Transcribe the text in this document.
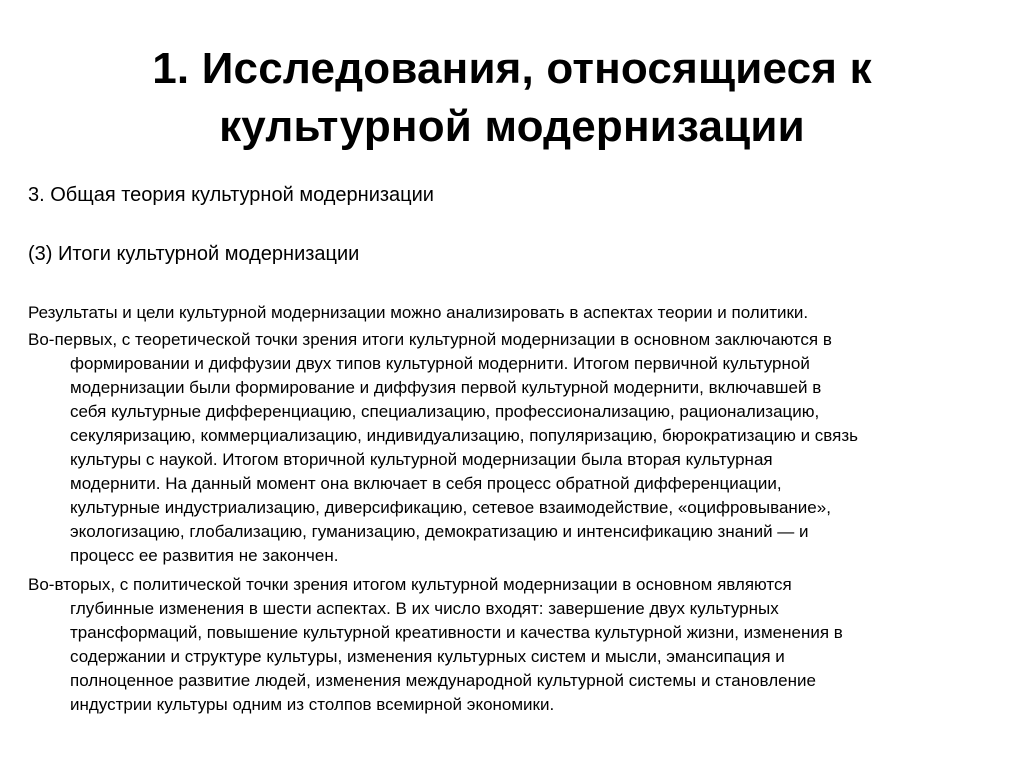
1. Исследования, относящиеся к
культурной модернизации
3. Общая теория культурной модернизации
(3) Итоги культурной модернизации
Результаты и цели культурной модернизации можно анализировать в аспектах теории и политики.
Во-первых, с теоретической точки зрения итоги культурной модернизации в основном заключаются в
формировании и диффузии двух типов культурной модернити. Итогом первичной культурной
модернизации были формирование и диффузия первой культурной модернити, включавшей в
себя культурные дифференциацию, специализацию, профессионализацию, рационализацию,
секуляризацию, коммерциализацию, индивидуализацию, популяризацию, бюрократизацию и связь
культуры с наукой. Итогом вторичной культурной модернизации была вторая культурная
модернити. На данный момент она включает в себя процесс обратной дифференциации,
культурные индустриализацию, диверсификацию, сетевое взаимодействие, «оцифровывание»,
экологизацию, глобализацию, гуманизацию, демократизацию и интенсификацию знаний — и
процесс ее развития не закончен.
Во-вторых, с политической точки зрения итогом культурной модернизации в основном являются
глубинные изменения в шести аспектах. В их число входят: завершение двух культурных
трансформаций, повышение культурной креативности и качества культурной жизни, изменения в
содержании и структуре культуры, изменения культурных систем и мысли, эмансипация и
полноценное развитие людей, изменения международной культурной системы и становление
индустрии культуры одним из столпов всемирной экономики.
